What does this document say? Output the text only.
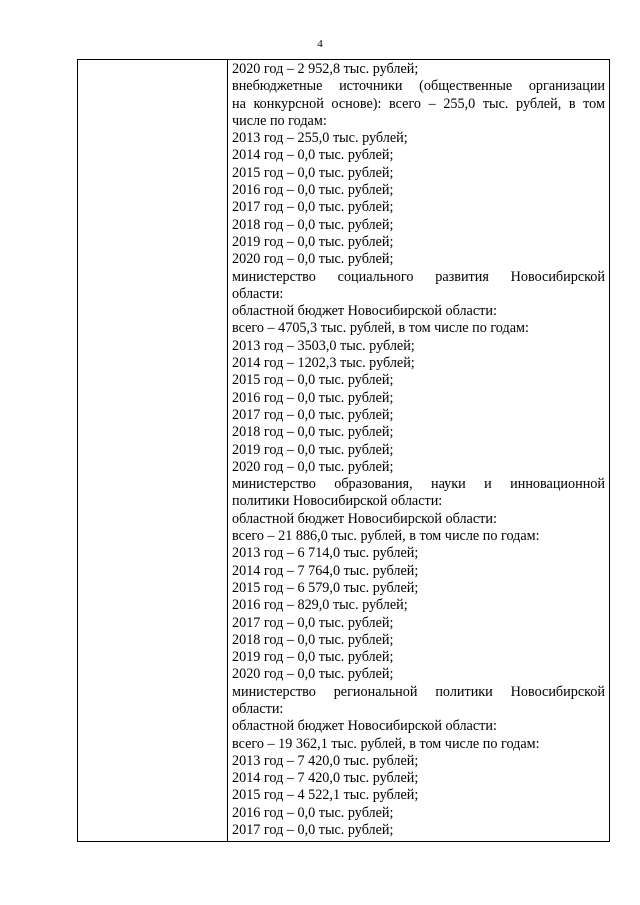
4
2020 год – 2 952,8 тыс. рублей;
внебюджетные источники (общественные организации
на конкурсной основе): всего – 255,0 тыс. рублей, в том
числе по годам:
2013 год – 255,0 тыс. рублей;
2014 год – 0,0 тыс. рублей;
2015 год – 0,0 тыс. рублей;
2016 год – 0,0 тыс. рублей;
2017 год – 0,0 тыс. рублей;
2018 год – 0,0 тыс. рублей;
2019 год – 0,0 тыс. рублей;
2020 год – 0,0 тыс. рублей;
министерство социального развития Новосибирской
области:
областной бюджет Новосибирской области:
всего – 4705,3 тыс. рублей, в том числе по годам:
2013 год – 3503,0 тыс. рублей;
2014 год – 1202,3 тыс. рублей;
2015 год – 0,0 тыс. рублей;
2016 год – 0,0 тыс. рублей;
2017 год – 0,0 тыс. рублей;
2018 год – 0,0 тыс. рублей;
2019 год – 0,0 тыс. рублей;
2020 год – 0,0 тыс. рублей;
министерство образования, науки и инновационной
политики Новосибирской области:
областной бюджет Новосибирской области:
всего – 21 886,0 тыс. рублей, в том числе по годам:
2013 год – 6 714,0 тыс. рублей;
2014 год – 7 764,0 тыс. рублей;
2015 год – 6 579,0 тыс. рублей;
2016 год – 829,0 тыс. рублей;
2017 год – 0,0 тыс. рублей;
2018 год – 0,0 тыс. рублей;
2019 год – 0,0 тыс. рублей;
2020 год – 0,0 тыс. рублей;
министерство региональной политики Новосибирской
области:
областной бюджет Новосибирской области:
всего – 19 362,1 тыс. рублей, в том числе по годам:
2013 год – 7 420,0 тыс. рублей;
2014 год – 7 420,0 тыс. рублей;
2015 год – 4 522,1 тыс. рублей;
2016 год – 0,0 тыс. рублей;
2017 год – 0,0 тыс. рублей;
